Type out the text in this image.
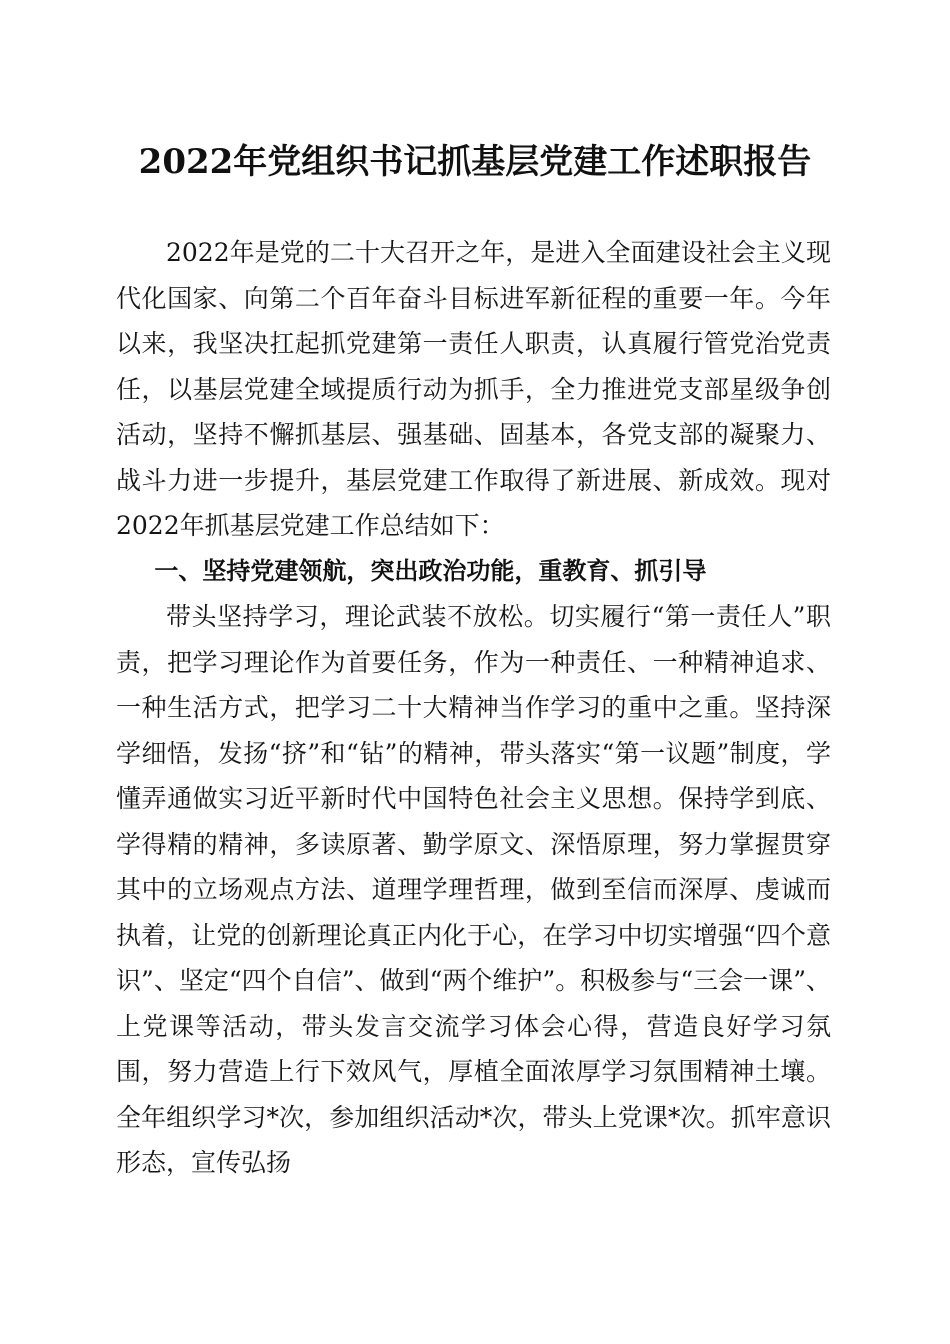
2022年党组织书记抓基层党建工作述职报告

2022年是党的二十大召开之年，是进入全面建设社会主义现代化国家、向第二个百年奋斗目标进军新征程的重要一年。今年以来，我坚决扛起抓党建第一责任人职责，认真履行管党治党责任，以基层党建全域提质行动为抓手，全力推进党支部星级争创活动，坚持不懈抓基层、强基础、固基本，各党支部的凝聚力、战斗力进一步提升，基层党建工作取得了新进展、新成效。现对2022年抓基层党建工作总结如下：

一、坚持党建领航，突出政治功能，重教育、抓引导

带头坚持学习，理论武装不放松。切实履行“第一责任人”职责，把学习理论作为首要任务，作为一种责任、一种精神追求、一种生活方式，把学习二十大精神当作学习的重中之重。坚持深学细悟，发扬“挤”和“钻”的精神，带头落实“第一议题”制度，学懂弄通做实习近平新时代中国特色社会主义思想。保持学到底、学得精的精神，多读原著、勤学原文、深悟原理，努力掌握贯穿其中的立场观点方法、道理学理哲理，做到至信而深厚、虔诚而执着，让党的创新理论真正内化于心，在学习中切实增强“四个意识”、坚定“四个自信”、做到“两个维护”。积极参与“三会一课”、上党课等活动，带头发言交流学习体会心得，营造良好学习氛围，努力营造上行下效风气，厚植全面浓厚学习氛围精神土壤。全年组织学习*次，参加组织活动*次，带头上党课*次。抓牢意识形态，宣传弘扬
